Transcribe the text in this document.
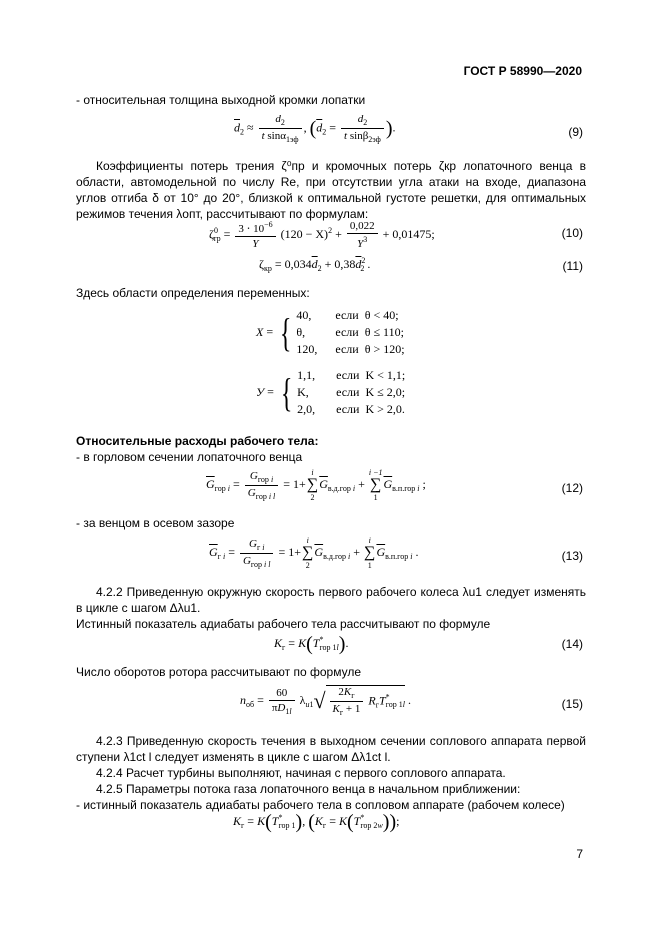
ГОСТ Р 58990—2020
- относительная толщина выходной кромки лопатки
$\overline{d}_2 \approx \frac{d_2}{t \sin\alpha_{1эф}}$ , ($\overline{d}_2 = \frac{d_2}{t \sin\beta_{2эф}}$ ).	(9)
Коэффициенты потерь трения ζ⁰пр и кромочных потерь ζкр лопаточного венца в области, автомодельной по числу Re, при отсутствии угла атаки на входе, диапазона углов отгиба δ от 10° до 20°, близкой к оптимальной густоте решетки, для оптимальных режимов течения λопт, рассчитывают по формулам:
$\zeta^0_{тр} = \frac{3 \cdot 10^{-6}}{Y} (120 - X)^2 + \frac{0,022}{Y^3} + 0,01475$;	(10)
$\zeta_{кр} = 0,034\overline{d}_2 + 0,38\overline{d}^2_2$ .	(11)
Здесь области определения переменных:
X = { 40, если θ < 40;
θ,	если θ ≤ 110;
120, если θ > 120;
У = { 1,1, если K < 1,1;
K, если K ≤ 2,0;
2,0, если K > 2,0.
Относительные расходы рабочего тела:
- в горловом сечении лопаточного венца
$\overline{G}_{гор i} = \frac{G_{гор i}}{G_{гор i l}} = 1+i$
∑
$2\overline{G}_{в.д.гор i} + i -1$
∑
$1\overline{G}_{в.п.гор i}$ ;	(12)
- за венцом в осевом зазоре
$\overline{G}_{г i} = \frac{G_{г i}}{G_{гор i l}} = 1+i$
∑
$2\overline{G}_{в.д.гор i} + i$
∑
$1\overline{G}_{в.п.гор i}$ .	(13)
4.2.2 Приведенную окружную скорость первого рабочего колеса λu1 следует изменять в цикле с шагом Δλu1.
Истинный показатель адиабаты рабочего тела рассчитывают по формуле
$K_г = K(T^*_{гор 1l})$.	(14)
Число оборотов ротора рассчитывают по формуле
$n_{об} = \frac{60}{\pi D_{1l}} \lambda_{u1}√ \frac{2K_г}{K_г + 1} R_гT^*_{гор 1l}$ .	(15)
4.2.3 Приведенную скорость течения в выходном сечении соплового аппарата первой ступени λ1ct l следует изменять в цикле с шагом Δλ1ct l.
4.2.4 Расчет турбины выполняют, начиная с первого соплового аппарата.
4.2.5 Параметры потока газа лопаточного венца в начальном приближении:
- истинный показатель адиабаты рабочего тела в сопловом аппарате (рабочем колесе)
$K_г = K(T^*_{гор 1})$, $(K_г = K(T^*_{гор 2w}))$;
7
